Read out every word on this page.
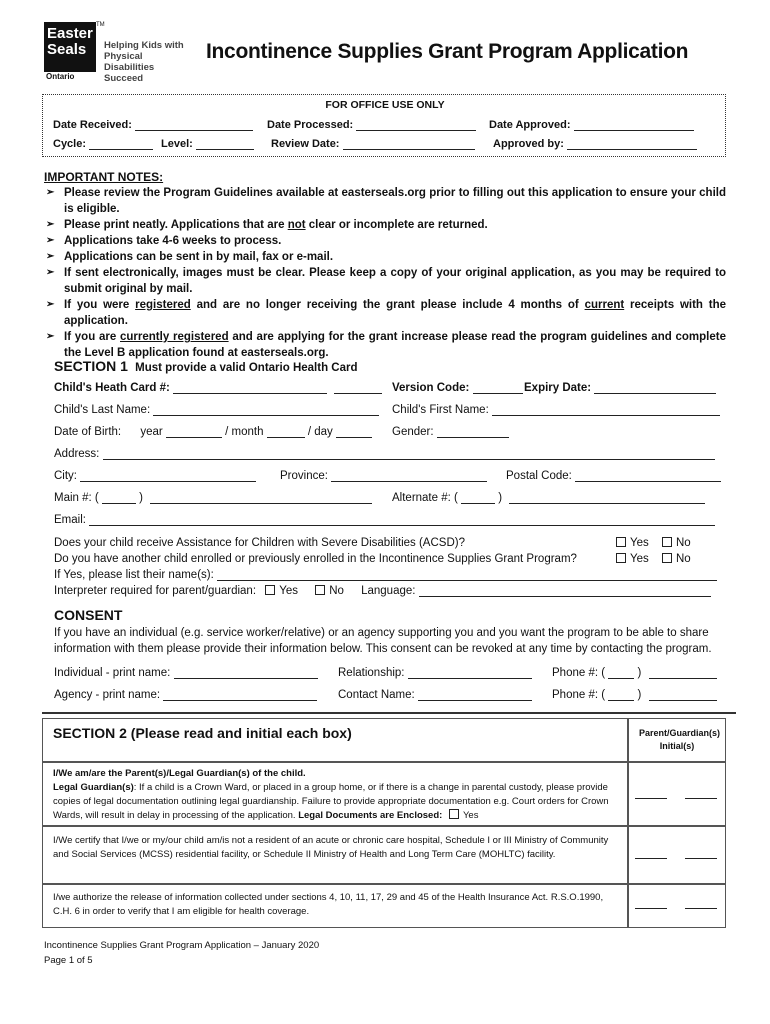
Easter
Seals
TM
Ontario
Helping Kids with Physical Disabilities Succeed
Incontinence Supplies Grant Program Application
FOR OFFICE USE ONLY
Date Received:	Date Processed:	Date Approved:
Cycle:	Level:	Review Date:	Approved by:
IMPORTANT NOTES:
➢ Please review the Program Guidelines available at easterseals.org prior to filling out this application to ensure your child is eligible.
➢ Please print neatly. Applications that are not clear or incomplete are returned.
➢ Applications take 4-6 weeks to process.
➢ Applications can be sent in by mail, fax or e-mail.
➢ If sent electronically, images must be clear. Please keep a copy of your original application, as you may be required to submit original by mail.
➢ If you were registered and are no longer receiving the grant please include 4 months of current receipts with the application.
➢ If you are currently registered and are applying for the grant increase please read the program guidelines and complete the Level B application found at easterseals.org.
SECTION 1 Must provide a valid Ontario Health Card
Child's Heath Card #:	Version Code:	Expiry Date:
Child's Last Name:	Child's First Name:
Date of Birth: year	/ month	/ day	Gender:
Address:
City:	Province:	Postal Code:
Main #: (	)	Alternate #: (	)
Email:
Does your child receive Assistance for Children with Severe Disabilities (ACSD)?	Yes	No
Do you have another child enrolled or previously enrolled in the Incontinence Supplies Grant Program?	Yes	No
If Yes, please list their name(s):
Interpreter required for parent/guardian: Yes	No Language:
CONSENT
If you have an individual (e.g. service worker/relative) or an agency supporting you and you want the program to be able to share information with them please provide their information below. This consent can be revoked at any time by contacting the program.
Individual - print name:	Relationship:	Phone #: (	)
Agency - print name:	Contact Name:	Phone #: (	)
SECTION 2 (Please read and initial each box)	Parent/Guardian(s) Initial(s)
I/We am/are the Parent(s)/Legal Guardian(s) of the child.
Legal Guardian(s): If a child is a Crown Ward, or placed in a group home, or if there is a change in parental custody, please provide copies of legal documentation outlining legal guardianship. Failure to provide appropriate documentation e.g. Court orders for Crown Wards, will result in delay in processing of the application. Legal Documents are Enclosed: Yes
I/We certify that I/we or my/our child am/is not a resident of an acute or chronic care hospital, Schedule I or III Ministry of Community and Social Services (MCSS) residential facility, or Schedule II Ministry of Health and Long Term Care (MOHLTC) facility.
I/we authorize the release of information collected under sections 4, 10, 11, 17, 29 and 45 of the Health Insurance Act. R.S.O.1990, C.H. 6 in order to verify that I am eligible for health coverage.
Incontinence Supplies Grant Program Application – January 2020
Page 1 of 5
